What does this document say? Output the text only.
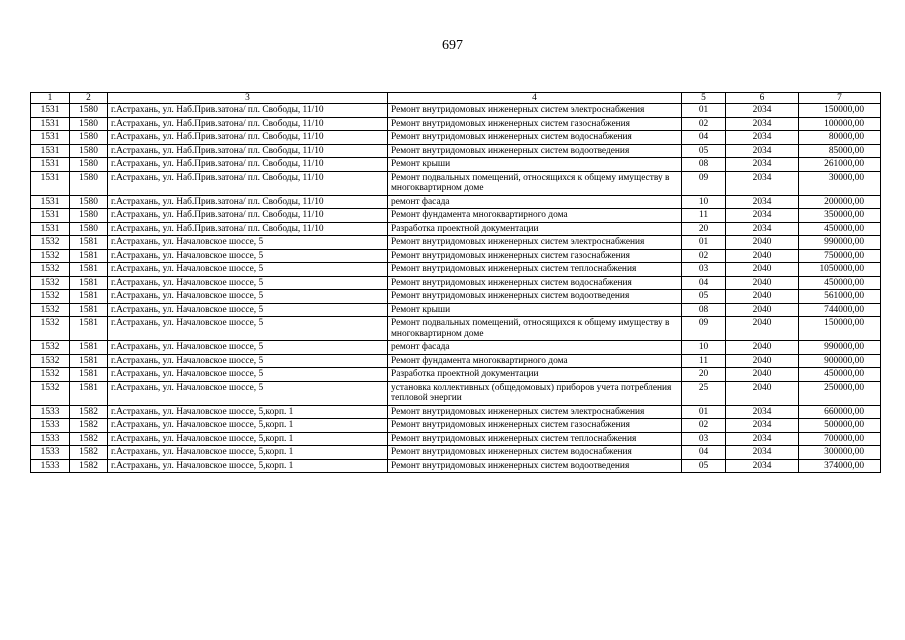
697
1	2	3	4	5	6	7
1531	1580	г.Астрахань, ул. Наб.Прив.затона/ пл. Свободы, 11/10	Ремонт внутридомовых инженерных систем электроснабжения	01	2034	150000,00
1531	1580	г.Астрахань, ул. Наб.Прив.затона/ пл. Свободы, 11/10	Ремонт внутридомовых инженерных систем газоснабжения	02	2034	100000,00
1531	1580	г.Астрахань, ул. Наб.Прив.затона/ пл. Свободы, 11/10	Ремонт внутридомовых инженерных систем водоснабжения	04	2034	80000,00
1531	1580	г.Астрахань, ул. Наб.Прив.затона/ пл. Свободы, 11/10	Ремонт внутридомовых инженерных систем водоотведения	05	2034	85000,00
1531	1580	г.Астрахань, ул. Наб.Прив.затона/ пл. Свободы, 11/10	Ремонт крыши	08	2034	261000,00
1531	1580	г.Астрахань, ул. Наб.Прив.затона/ пл. Свободы, 11/10	Ремонт подвальных помещений, относящихся к общему имуществу в многоквартирном доме	09	2034	30000,00
1531	1580	г.Астрахань, ул. Наб.Прив.затона/ пл. Свободы, 11/10	ремонт фасада	10	2034	200000,00
1531	1580	г.Астрахань, ул. Наб.Прив.затона/ пл. Свободы, 11/10	Ремонт фундамента многоквартирного дома	11	2034	350000,00
1531	1580	г.Астрахань, ул. Наб.Прив.затона/ пл. Свободы, 11/10	Разработка проектной документации	20	2034	450000,00
1532	1581	г.Астрахань, ул. Началовское шоссе, 5	Ремонт внутридомовых инженерных систем электроснабжения	01	2040	990000,00
1532	1581	г.Астрахань, ул. Началовское шоссе, 5	Ремонт внутридомовых инженерных систем газоснабжения	02	2040	750000,00
1532	1581	г.Астрахань, ул. Началовское шоссе, 5	Ремонт внутридомовых инженерных систем теплоснабжения	03	2040	1050000,00
1532	1581	г.Астрахань, ул. Началовское шоссе, 5	Ремонт внутридомовых инженерных систем водоснабжения	04	2040	450000,00
1532	1581	г.Астрахань, ул. Началовское шоссе, 5	Ремонт внутридомовых инженерных систем водоотведения	05	2040	561000,00
1532	1581	г.Астрахань, ул. Началовское шоссе, 5	Ремонт крыши	08	2040	744000,00
1532	1581	г.Астрахань, ул. Началовское шоссе, 5	Ремонт подвальных помещений, относящихся к общему имуществу в многоквартирном доме	09	2040	150000,00
1532	1581	г.Астрахань, ул. Началовское шоссе, 5	ремонт фасада	10	2040	990000,00
1532	1581	г.Астрахань, ул. Началовское шоссе, 5	Ремонт фундамента многоквартирного дома	11	2040	900000,00
1532	1581	г.Астрахань, ул. Началовское шоссе, 5	Разработка проектной документации	20	2040	450000,00
1532	1581	г.Астрахань, ул. Началовское шоссе, 5	установка коллективных (общедомовых) приборов учета потребления тепловой энергии	25	2040	250000,00
1533	1582	г.Астрахань, ул. Началовское шоссе, 5,корп. 1	Ремонт внутридомовых инженерных систем электроснабжения	01	2034	660000,00
1533	1582	г.Астрахань, ул. Началовское шоссе, 5,корп. 1	Ремонт внутридомовых инженерных систем газоснабжения	02	2034	500000,00
1533	1582	г.Астрахань, ул. Началовское шоссе, 5,корп. 1	Ремонт внутридомовых инженерных систем теплоснабжения	03	2034	700000,00
1533	1582	г.Астрахань, ул. Началовское шоссе, 5,корп. 1	Ремонт внутридомовых инженерных систем водоснабжения	04	2034	300000,00
1533	1582	г.Астрахань, ул. Началовское шоссе, 5,корп. 1	Ремонт внутридомовых инженерных систем водоотведения	05	2034	374000,00
